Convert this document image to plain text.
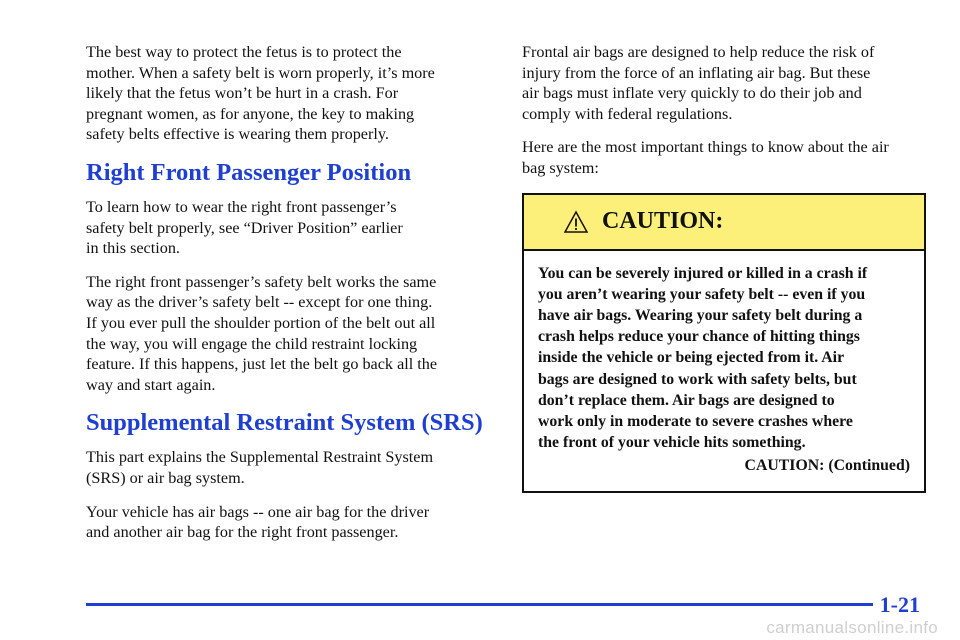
The best way to protect the fetus is to protect the
mother. When a safety belt is worn properly, it’s more
likely that the fetus won’t be hurt in a crash. For
pregnant women, as for anyone, the key to making
safety belts effective is wearing them properly.

Right Front Passenger Position

To learn how to wear the right front passenger’s
safety belt properly, see “Driver Position” earlier
in this section.

The right front passenger’s safety belt works the same
way as the driver’s safety belt -- except for one thing.
If you ever pull the shoulder portion of the belt out all
the way, you will engage the child restraint locking
feature. If this happens, just let the belt go back all the
way and start again.

Supplemental Restraint System (SRS)

This part explains the Supplemental Restraint System
(SRS) or air bag system.

Your vehicle has air bags -- one air bag for the driver
and another air bag for the right front passenger.

Frontal air bags are designed to help reduce the risk of
injury from the force of an inflating air bag. But these
air bags must inflate very quickly to do their job and
comply with federal regulations.

Here are the most important things to know about the air
bag system:

CAUTION:

You can be severely injured or killed in a crash if
you aren’t wearing your safety belt -- even if you
have air bags. Wearing your safety belt during a
crash helps reduce your chance of hitting things
inside the vehicle or being ejected from it. Air
bags are designed to work with safety belts, but
don’t replace them. Air bags are designed to
work only in moderate to severe crashes where
the front of your vehicle hits something.

CAUTION: (Continued)
1-21
carmanualsonline.info
